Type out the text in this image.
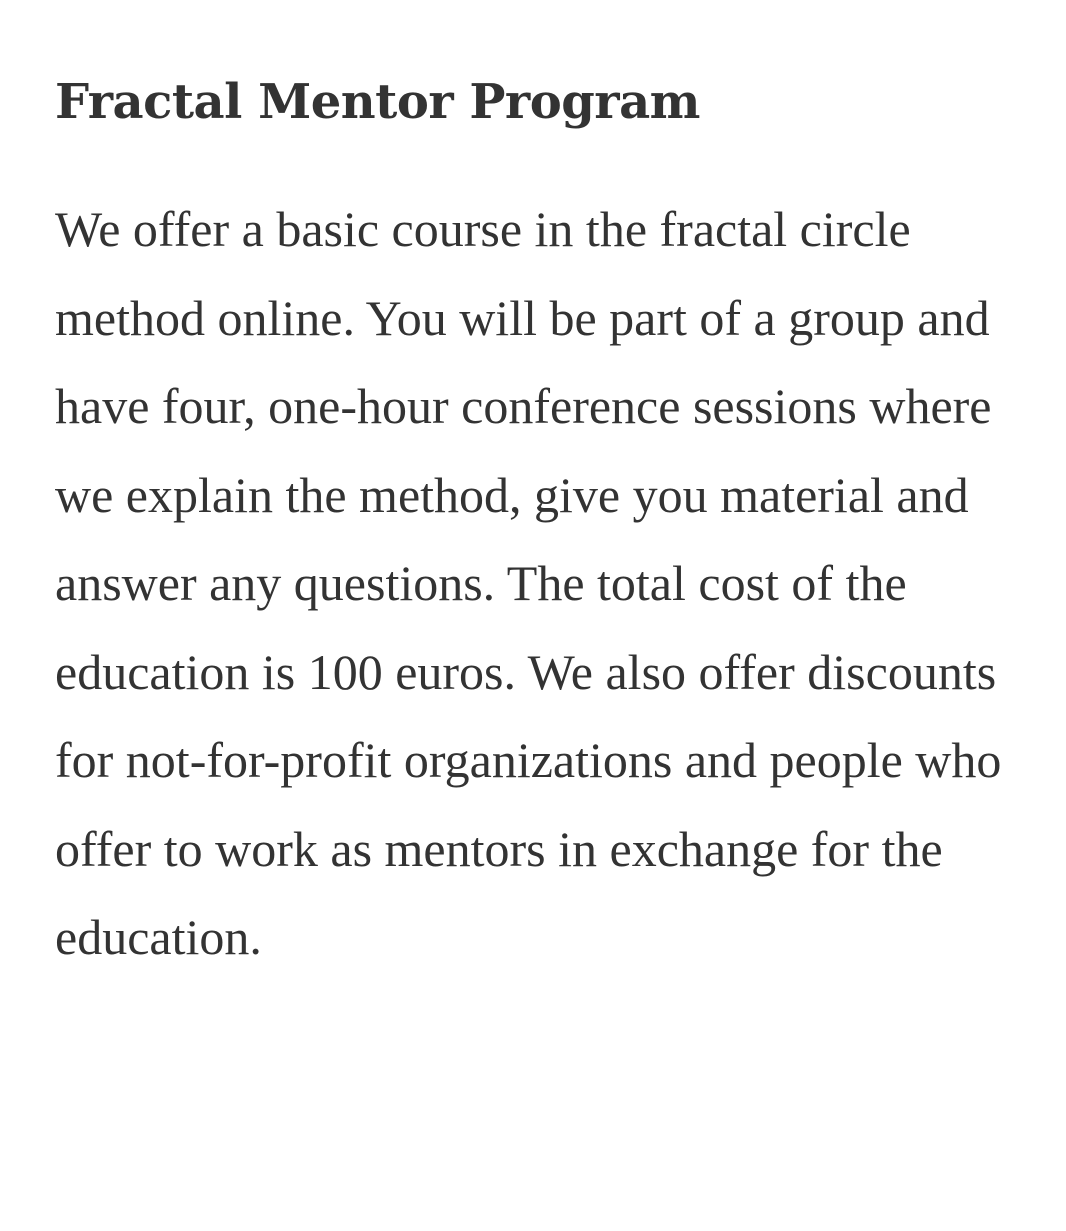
Fractal Mentor Program

We offer a basic course in the fractal circle method online. You will be part of a group and have four, one-hour conference sessions where we explain the method, give you material and answer any questions. The total cost of the education is 100 euros. We also offer discounts for not-for-profit organizations and people who offer to work as mentors in exchange for the education.
